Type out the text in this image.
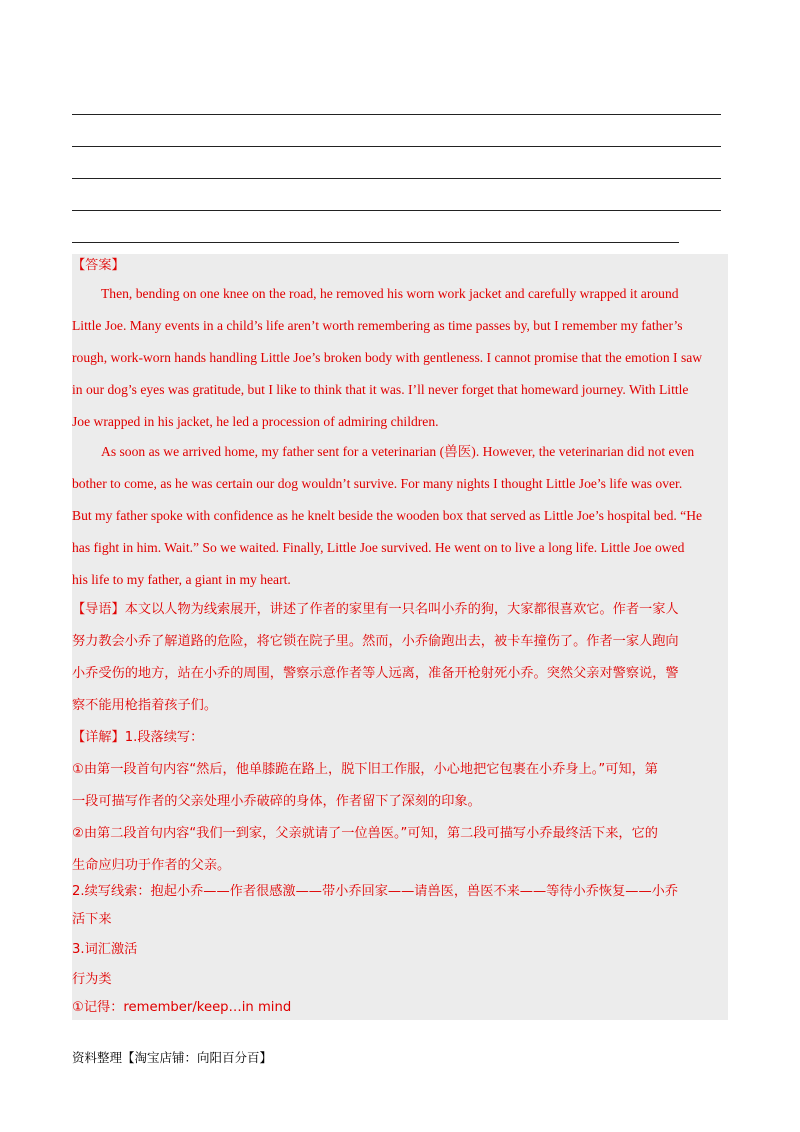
【答案】
Then, bending on one knee on the road, he removed his worn work jacket and carefully wrapped it around
Little Joe. Many events in a child’s life aren’t worth remembering as time passes by, but I remember my father’s
rough, work-worn hands handling Little Joe’s broken body with gentleness. I cannot promise that the emotion I saw
in our dog’s eyes was gratitude, but I like to think that it was. I’ll never forget that homeward journey. With Little
Joe wrapped in his jacket, he led a procession of admiring children.
As soon as we arrived home, my father sent for a veterinarian (兽医). However, the veterinarian did not even
bother to come, as he was certain our dog wouldn’t survive. For many nights I thought Little Joe’s life was over.
But my father spoke with confidence as he knelt beside the wooden box that served as Little Joe’s hospital bed. “He
has fight in him. Wait.” So we waited. Finally, Little Joe survived. He went on to live a long life. Little Joe owed
his life to my father, a giant in my heart.
【导语】本文以人物为线索展开，讲述了作者的家里有一只名叫小乔的狗，大家都很喜欢它。作者一家人
努力教会小乔了解道路的危险，将它锁在院子里。然而，小乔偷跑出去，被卡车撞伤了。作者一家人跑向
小乔受伤的地方，站在小乔的周围，警察示意作者等人远离，准备开枪射死小乔。突然父亲对警察说，警
察不能用枪指着孩子们。
【详解】1.段落续写：
①由第一段首句内容“然后，他单膝跪在路上，脱下旧工作服，小心地把它包裹在小乔身上。”可知，第
一段可描写作者的父亲处理小乔破碎的身体，作者留下了深刻的印象。
②由第二段首句内容“我们一到家，父亲就请了一位兽医。”可知，第二段可描写小乔最终活下来，它的
生命应归功于作者的父亲。
2.续写线索：抱起小乔——作者很感激——带小乔回家——请兽医，兽医不来——等待小乔恢复——小乔
活下来
3.词汇激活
行为类
①记得：remember/keep…in mind
资料整理【淘宝店铺：向阳百分百】
